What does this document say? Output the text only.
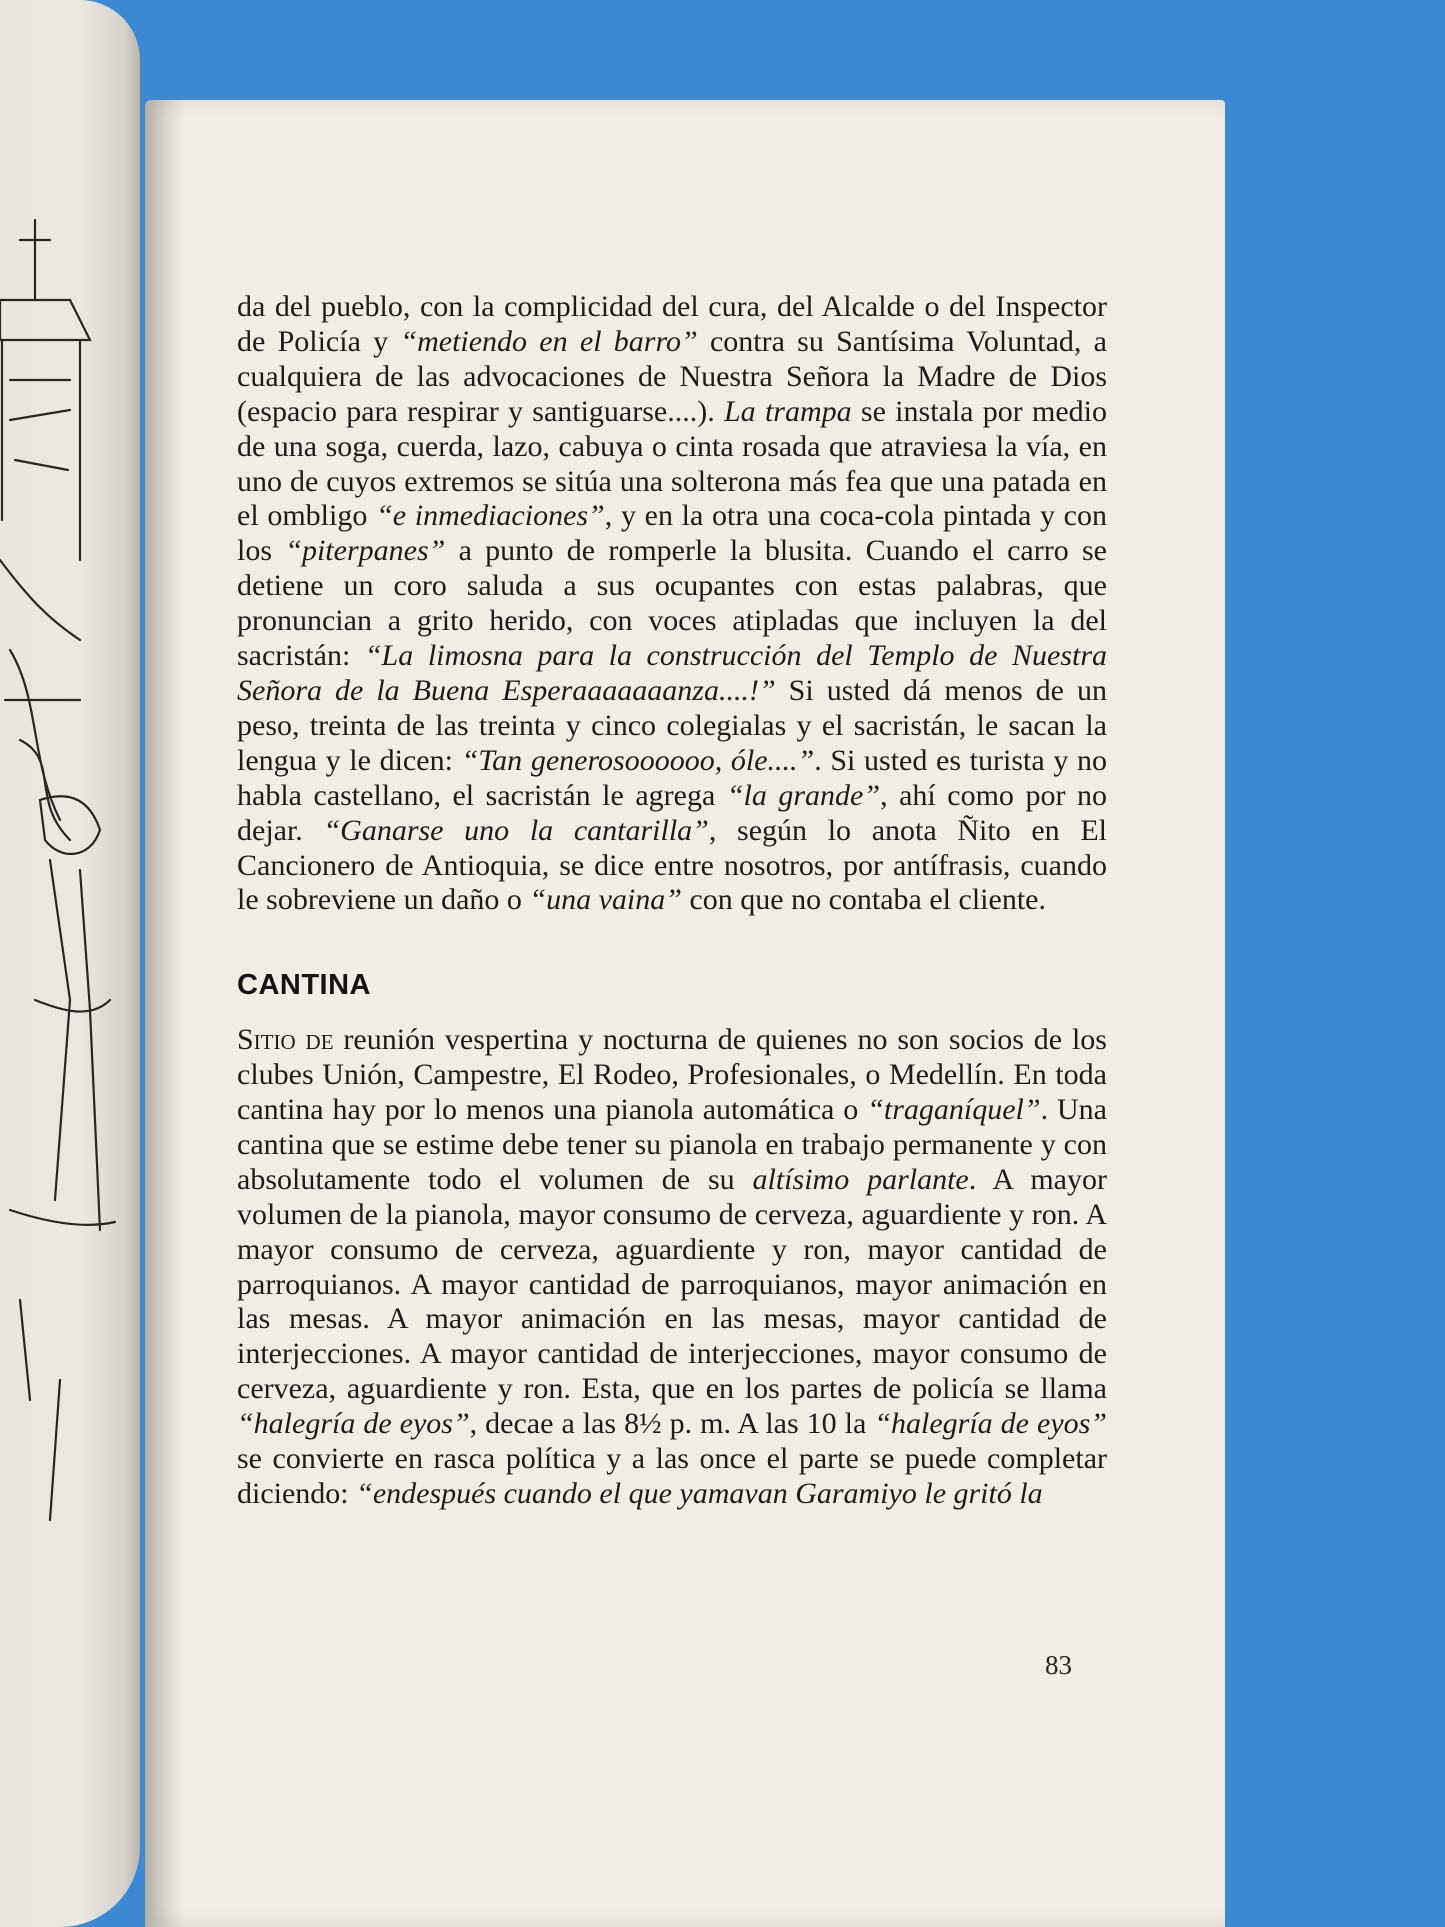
da del pueblo, con la complicidad del cura, del Alcalde o del Inspector de Policía y “metiendo en el barro” contra su Santísima Voluntad, a cualquiera de las advocaciones de Nuestra Señora la Madre de Dios (espacio para respirar y santiguarse....). La trampa se instala por medio de una soga, cuerda, lazo, cabuya o cinta rosada que atraviesa la vía, en uno de cuyos extremos se sitúa una solterona más fea que una patada en el ombligo “e inmediaciones”, y en la otra una coca-cola pintada y con los “piterpanes” a punto de romperle la blusita. Cuando el carro se detiene un coro saluda a sus ocupantes con estas palabras, que pronuncian a grito herido, con voces atipladas que incluyen la del sacristán: “La limosna para la construcción del Templo de Nuestra Señora de la Buena Esperaaaaaaanza....!” Si usted dá menos de un peso, treinta de las treinta y cinco colegialas y el sacristán, le sacan la lengua y le dicen: “Tan generosoooooo, óle....”. Si usted es turista y no habla castellano, el sacristán le agrega “la grande”, ahí como por no dejar. “Ganarse uno la cantarilla”, según lo anota Ñito en El Cancionero de Antioquia, se dice entre nosotros, por antífrasis, cuando le sobreviene un daño o “una vaina” con que no contaba el cliente.

CANTINA

Sitio de reunión vespertina y nocturna de quienes no son socios de los clubes Unión, Campestre, El Rodeo, Profesionales, o Medellín. En toda cantina hay por lo menos una pianola automática o “traganíquel”. Una cantina que se estime debe tener su pianola en trabajo permanente y con absolutamente todo el volumen de su altísimo parlante. A mayor volumen de la pianola, mayor consumo de cerveza, aguardiente y ron. A mayor consumo de cerveza, aguardiente y ron, mayor cantidad de parroquianos. A mayor cantidad de parroquianos, mayor animación en las mesas. A mayor animación en las mesas, mayor cantidad de interjecciones. A mayor cantidad de interjecciones, mayor consumo de cerveza, aguardiente y ron. Esta, que en los partes de policía se llama “halegría de eyos”, decae a las 8½ p. m. A las 10 la “halegría de eyos” se convierte en rasca política y a las once el parte se puede completar diciendo: “endespués cuando el que yamavan Garamiyo le gritó la

83
